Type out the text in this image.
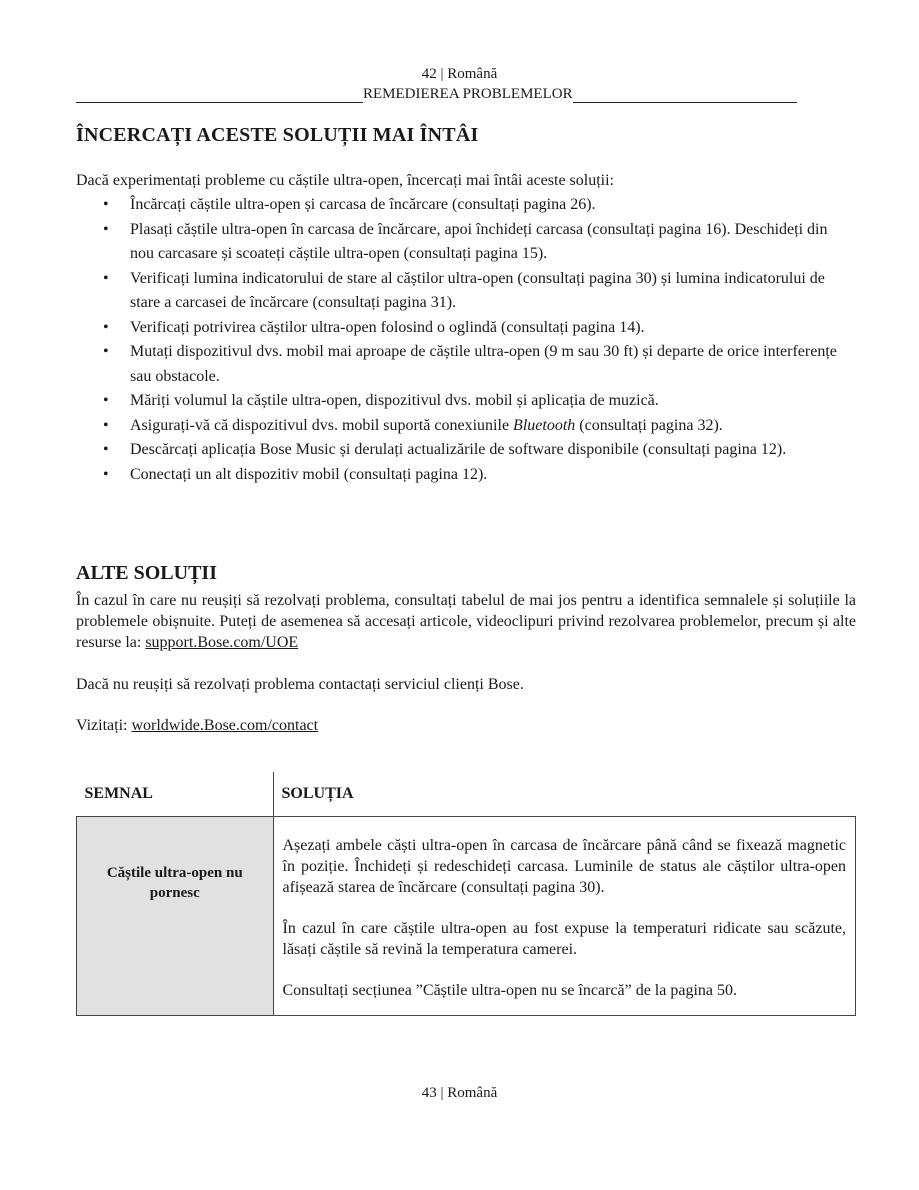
42 | Română
REMEDIEREA PROBLEMELOR
ÎNCERCAȚI ACESTE SOLUȚII MAI ÎNTÂI
Dacă experimentați probleme cu căștile ultra-open, încercați mai întâi aceste soluții:
• Încărcați căștile ultra-open și carcasa de încărcare (consultați pagina 26).
• Plasați căștile ultra-open în carcasa de încărcare, apoi închideți carcasa (consultați pagina 16). Deschideți din nou carcasare și scoateți căștile ultra-open (consultați pagina 15).
• Verificați lumina indicatorului de stare al căștilor ultra-open (consultați pagina 30) și lumina indicatorului de stare a carcasei de încărcare (consultați pagina 31).
• Verificați potrivirea căștilor ultra-open folosind o oglindă (consultați pagina 14).
• Mutați dispozitivul dvs. mobil mai aproape de căștile ultra-open (9 m sau 30 ft) și departe de orice interferențe sau obstacole.
• Măriți volumul la căștile ultra-open, dispozitivul dvs. mobil și aplicația de muzică.
• Asigurați-vă că dispozitivul dvs. mobil suportă conexiunile Bluetooth (consultați pagina 32).
• Descărcați aplicația Bose Music și derulați actualizările de software disponibile (consultați pagina 12).
• Conectați un alt dispozitiv mobil (consultați pagina 12).
ALTE SOLUȚII
În cazul în care nu reușiți să rezolvați problema, consultați tabelul de mai jos pentru a identifica semnalele și soluțiile la problemele obișnuite. Puteți de asemenea să accesați articole, videoclipuri privind rezolvarea problemelor, precum și alte resurse la: support.Bose.com/UOE
Dacă nu reușiți să rezolvați problema contactați serviciul clienți Bose.
Vizitați: worldwide.Bose.com/contact
SEMNAL	SOLUȚIA
Căștile ultra-open nu pornesc	Așezați ambele căști ultra-open în carcasa de încărcare până când se fixează magnetic în poziție. Închideți și redeschideți carcasa. Luminile de status ale căștilor ultra-open afișează starea de încărcare (consultați pagina 30).

În cazul în care căștile ultra-open au fost expuse la temperaturi ridicate sau scăzute, lăsați căștile să revină la temperatura camerei.

Consultați secțiunea ”Căștile ultra-open nu se încarcă” de la pagina 50.

43 | Română
